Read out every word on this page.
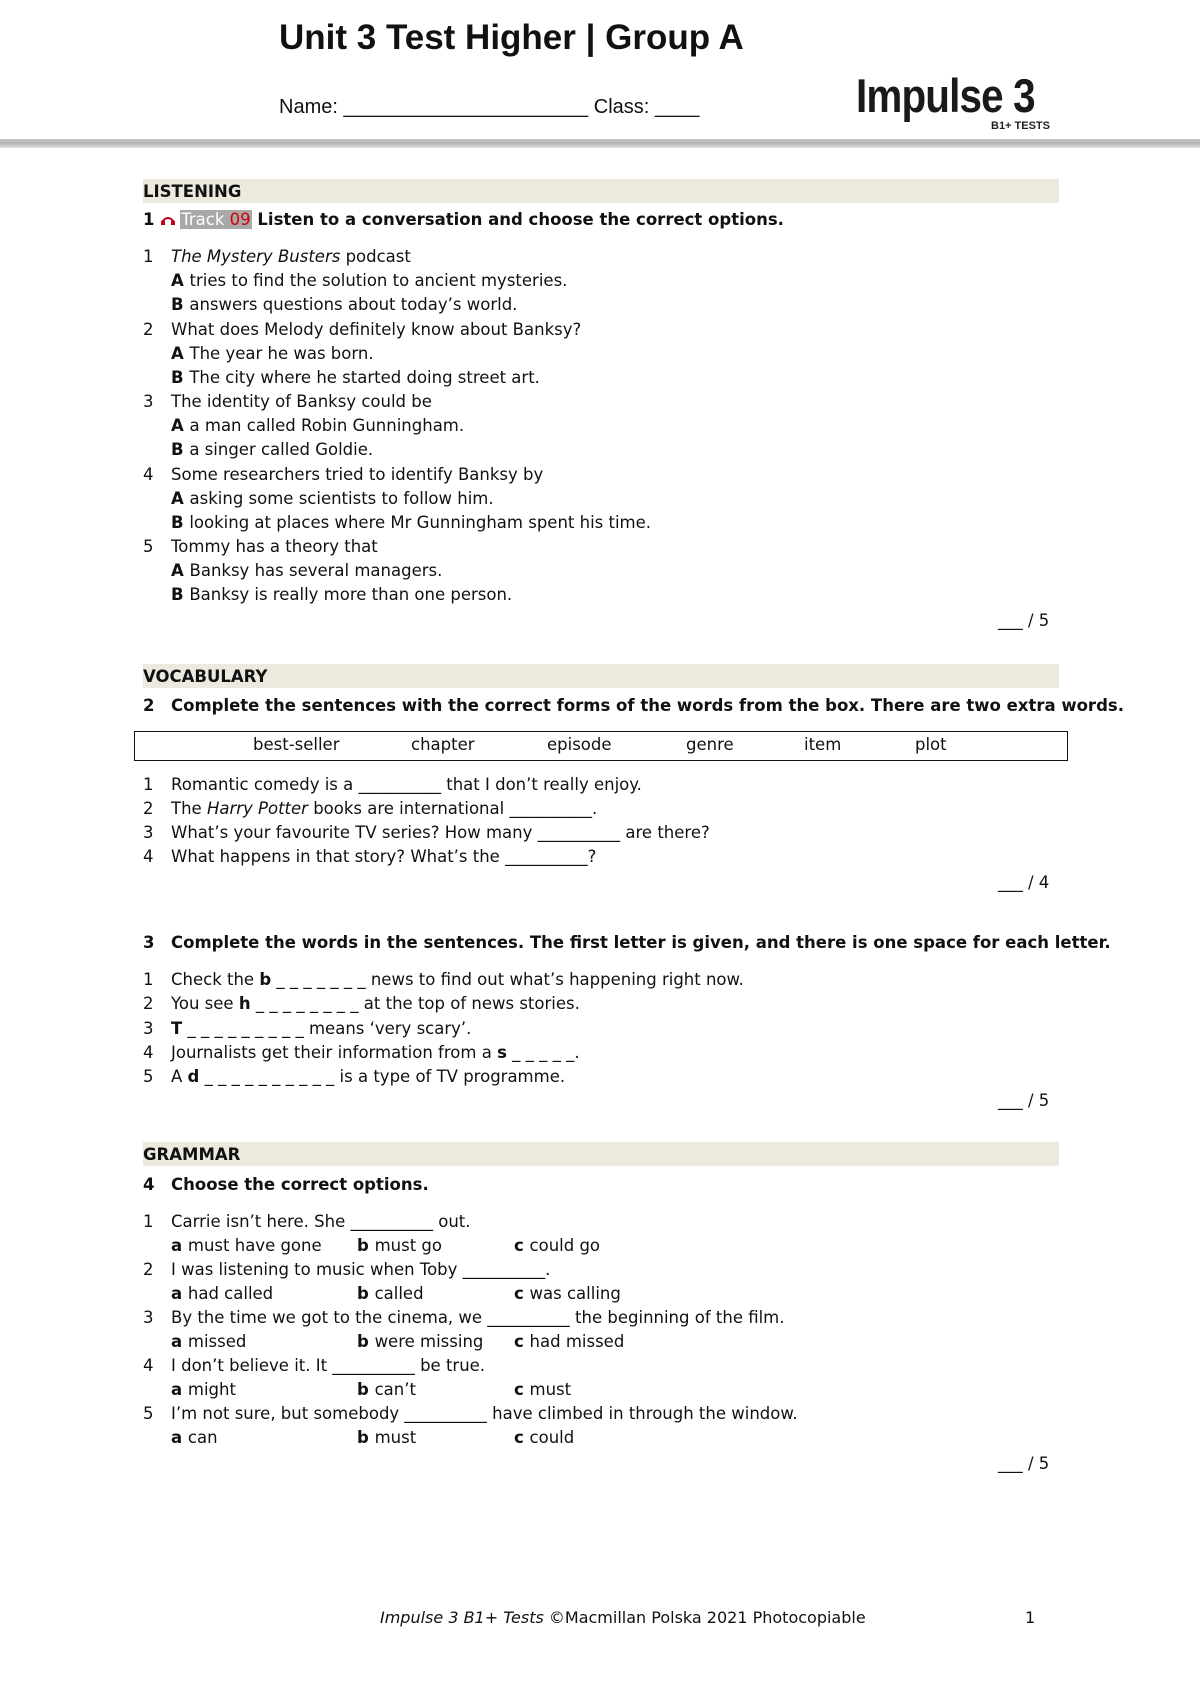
Unit 3 Test Higher | Group A
Name: ______________________ Class: ____	Impulse 3
B1+ TESTS
LISTENING
1 Track 09 Listen to a conversation and choose the correct options.
1 The Mystery Busters podcast
A tries to find the solution to ancient mysteries.
B answers questions about today’s world.
2 What does Melody definitely know about Banksy?
A The year he was born.
B The city where he started doing street art.
3 The identity of Banksy could be
A a man called Robin Gunningham.
B a singer called Goldie.
4 Some researchers tried to identify Banksy by
A asking some scientists to follow him.
B looking at places where Mr Gunningham spent his time.
5 Tommy has a theory that
A Banksy has several managers.
B Banksy is really more than one person.
___ / 5
VOCABULARY
2 Complete the sentences with the correct forms of the words from the box. There are two extra words.
best-seller	chapter	episode	genre	item	plot
1 Romantic comedy is a __________ that I don’t really enjoy.
2 The Harry Potter books are international __________.
3 What’s your favourite TV series? How many __________ are there?
4 What happens in that story? What’s the __________?
___ / 4
3 Complete the words in the sentences. The first letter is given, and there is one space for each letter.
1 Check the b _ _ _ _ _ _ _ news to find out what’s happening right now.
2 You see h _ _ _ _ _ _ _ _ at the top of news stories.
3 T _ _ _ _ _ _ _ _ _ means ‘very scary’.
4 Journalists get their information from a s _ _ _ _ _.
5 A d _ _ _ _ _ _ _ _ _ _ is a type of TV programme.
___ / 5
GRAMMAR
4 Choose the correct options.
1 Carrie isn’t here. She __________ out.
a must have gone b must go	c could go
2 I was listening to music when Toby __________.
a had called	b called	c was calling
3 By the time we got to the cinema, we __________ the beginning of the film.
a missed	b were missing c had missed
4 I don’t believe it. It __________ be true.
a might	b can’t	c must
5 I’m not sure, but somebody __________ have climbed in through the window.
a can	b must	c could
___ / 5
Impulse 3 B1+ Tests ©Macmillan Polska 2021 Photocopiable	1
